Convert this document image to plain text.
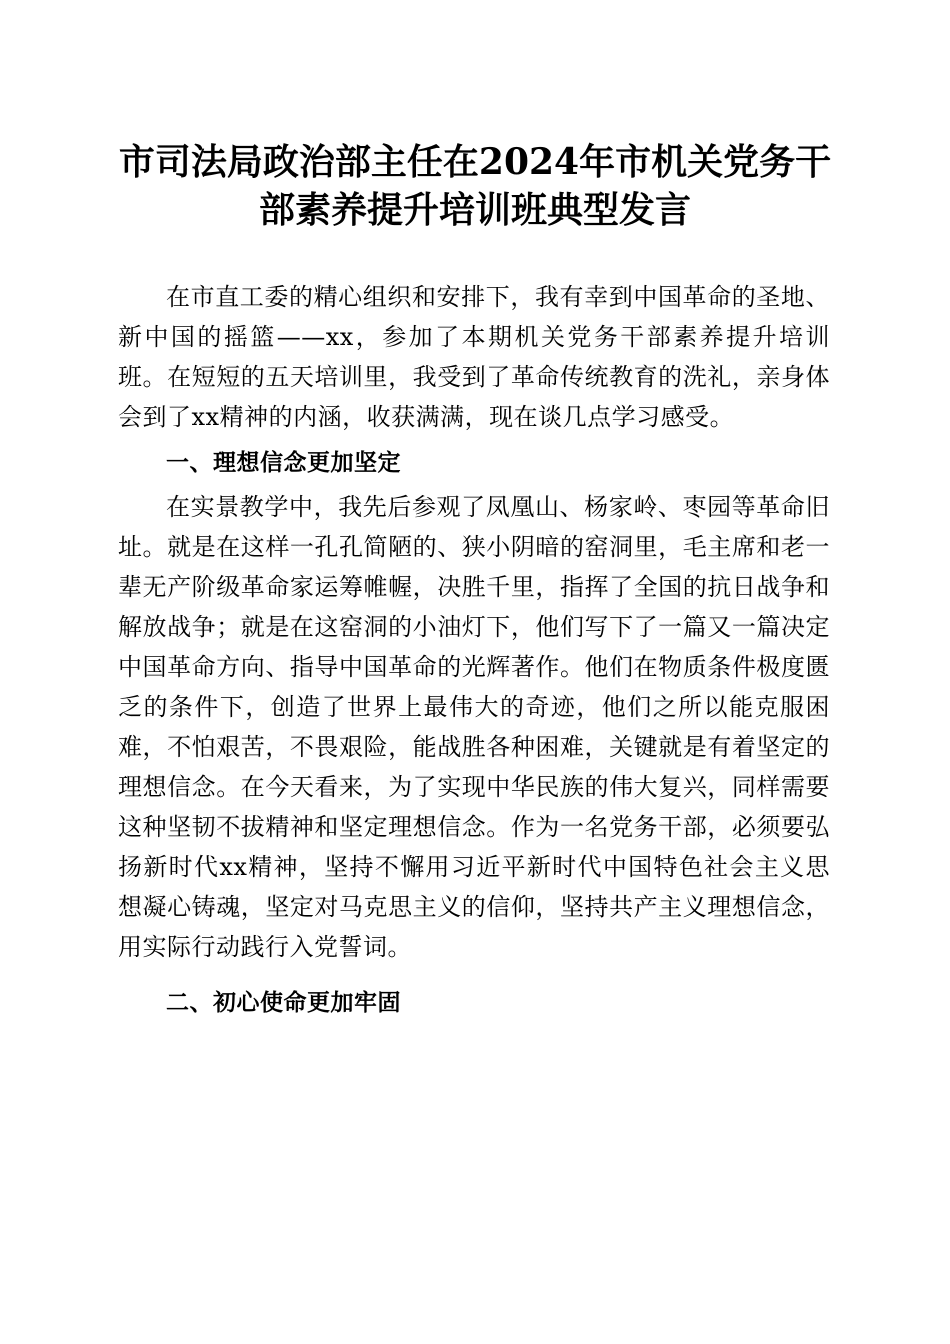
市司法局政治部主任在2024年市机关党务干
部素养提升培训班典型发言

在市直工委的精心组织和安排下，我有幸到中国革命的圣地、新中国的摇篮——xx，参加了本期机关党务干部素养提升培训班。在短短的五天培训里，我受到了革命传统教育的洗礼，亲身体会到了xx精神的内涵，收获满满，现在谈几点学习感受。

一、理想信念更加坚定

在实景教学中，我先后参观了凤凰山、杨家岭、枣园等革命旧址。就是在这样一孔孔简陋的、狭小阴暗的窑洞里，毛主席和老一辈无产阶级革命家运筹帷幄，决胜千里，指挥了全国的抗日战争和解放战争；就是在这窑洞的小油灯下，他们写下了一篇又一篇决定中国革命方向、指导中国革命的光辉著作。他们在物质条件极度匮乏的条件下，创造了世界上最伟大的奇迹，他们之所以能克服困难，不怕艰苦，不畏艰险，能战胜各种困难，关键就是有着坚定的理想信念。在今天看来，为了实现中华民族的伟大复兴，同样需要这种坚韧不拔精神和坚定理想信念。作为一名党务干部，必须要弘扬新时代xx精神，坚持不懈用习近平新时代中国特色社会主义思想凝心铸魂，坚定对马克思主义的信仰，坚持共产主义理想信念，用实际行动践行入党誓词。

二、初心使命更加牢固
